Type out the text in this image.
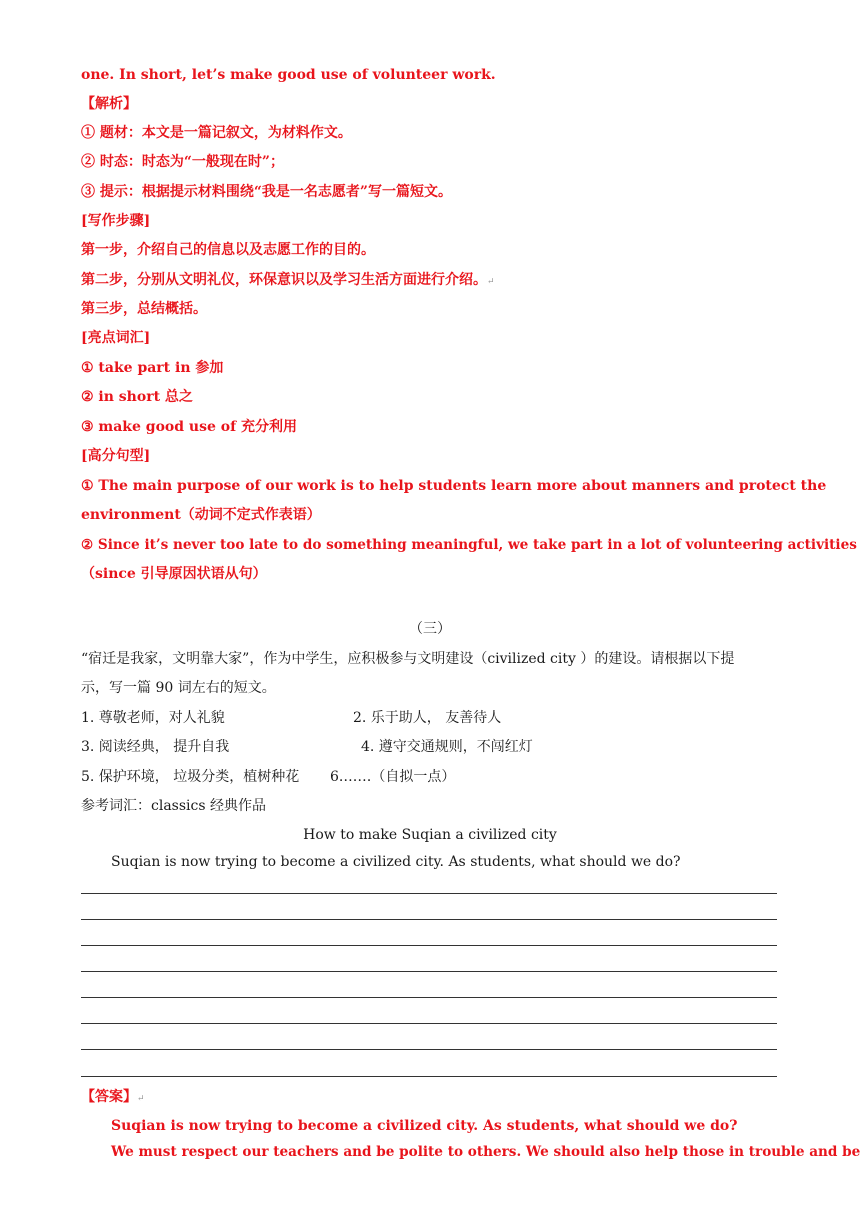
one. In short, let’s make good use of volunteer work.
【解析】
① 题材：本文是一篇记叙文，为材料作文。
② 时态：时态为“一般现在时”；
③ 提示：根据提示材料围绕“我是一名志愿者”写一篇短文。
[写作步骤]
第一步，介绍自己的信息以及志愿工作的目的。
第二步，分别从文明礼仪，环保意识以及学习生活方面进行介绍。↵
第三步，总结概括。
[亮点词汇]
① take part in 参加
② in short 总之
③ make good use of 充分利用
[高分句型]
① The main purpose of our work is to help students learn more about manners and protect the
environment（动词不定式作表语）
② Since it’s never too late to do something meaningful, we take part in a lot of volunteering activities
（since 引导原因状语从句）
（三）
“宿迁是我家，文明靠大家”，作为中学生，应积极参与文明建设（civilized city ）的建设。请根据以下提
示，写一篇 90 词左右的短文。
1. 尊敬老师，对人礼貌	2. 乐于助人， 友善待人
3. 阅读经典， 提升自我	4. 遵守交通规则，不闯红灯
5. 保护环境， 垃圾分类，植树种花 6.……（自拟一点）
参考词汇：classics 经典作品
How to make Suqian a civilized city
Suqian is now trying to become a civilized city. As students, what should we do?
【答案】↵
Suqian is now trying to become a civilized city. As students, what should we do?
We must respect our teachers and be polite to others. We should also help those in trouble and be
